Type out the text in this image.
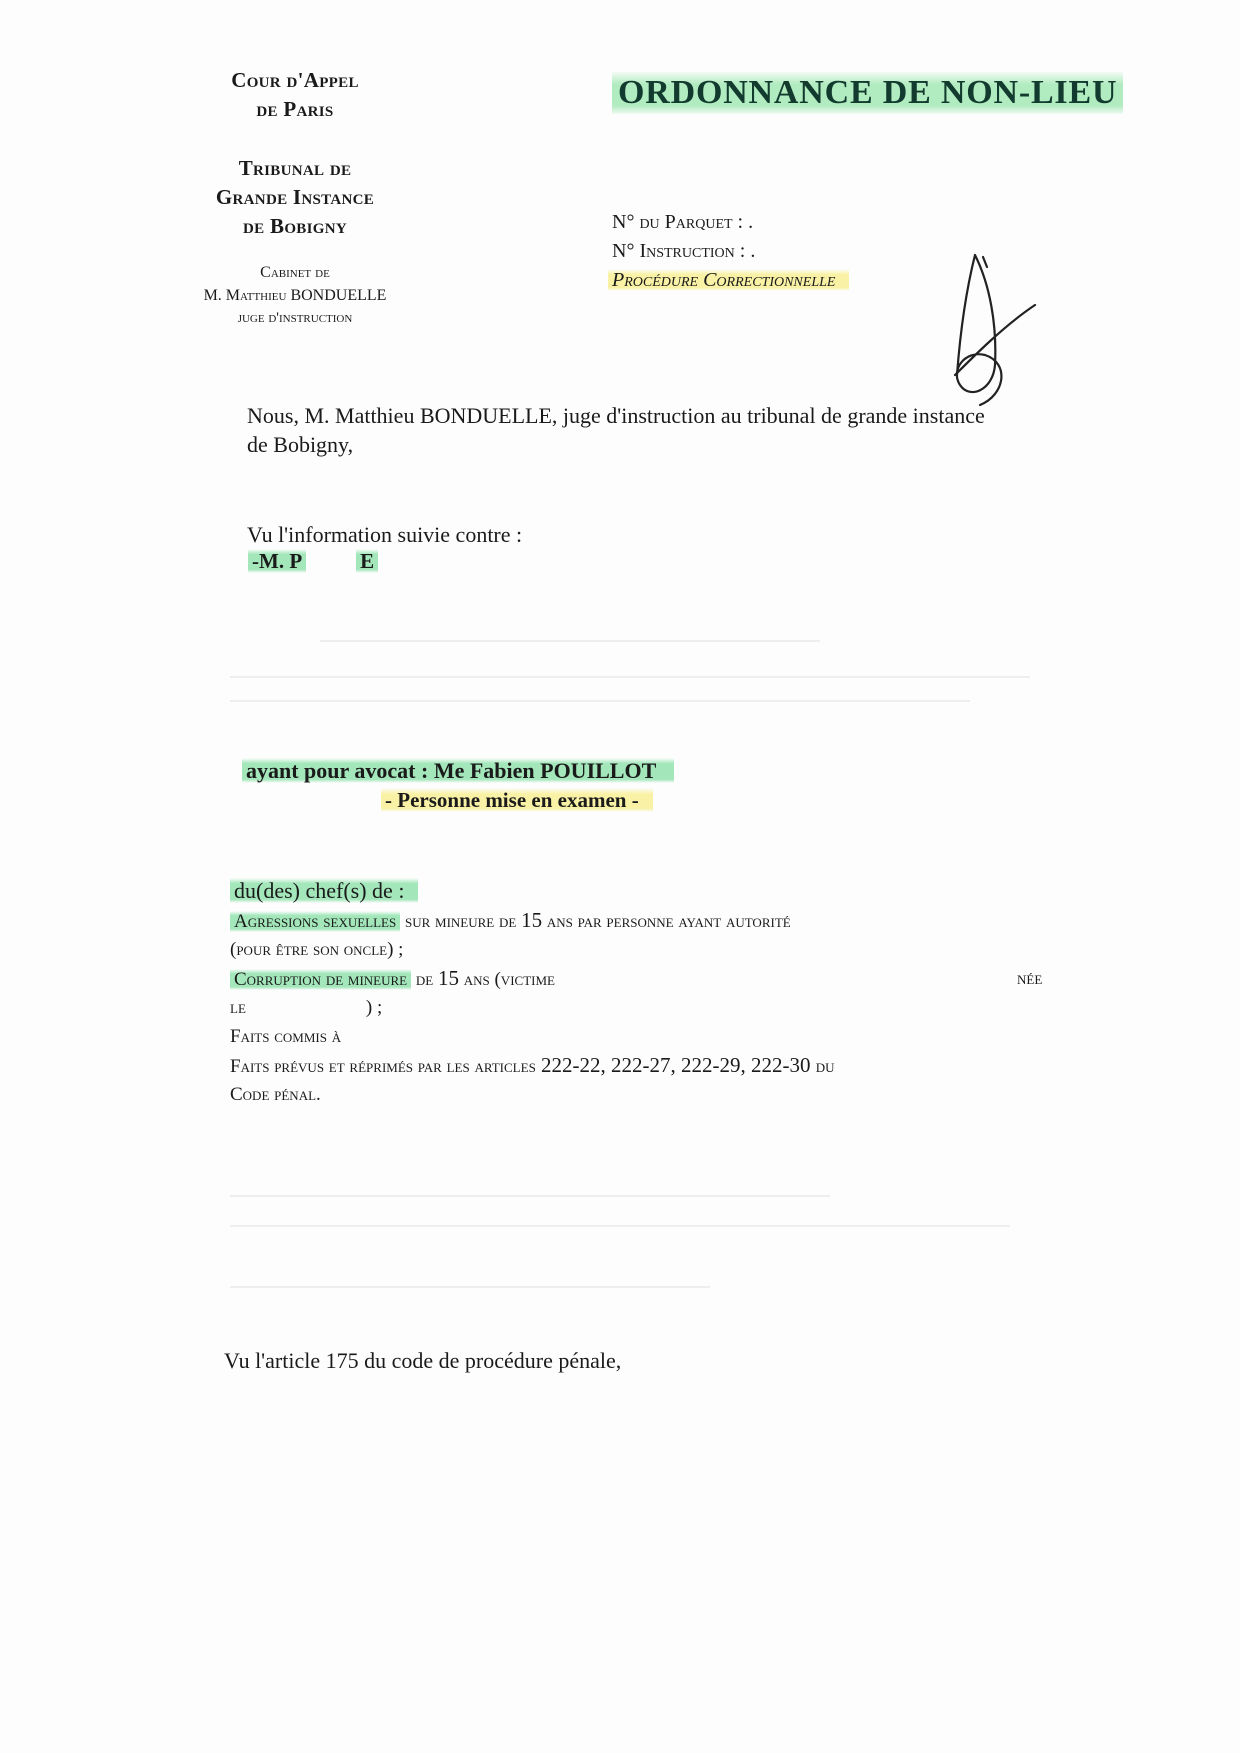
Cour d'Appel
de Paris
Tribunal de
Grande Instance
de Bobigny
Cabinet de
M. Matthieu BONDUELLE
juge d'instruction
ORDONNANCE DE NON-LIEU
N° du Parquet : .
N° Instruction : .
Procédure Correctionnelle
Nous, M. Matthieu BONDUELLE, juge d'instruction au tribunal de grande instance
de Bobigny,
Vu l'information suivie contre :
-M. P	E
ayant pour avocat : Me Fabien POUILLOT
- Personne mise en examen -
du(des) chef(s) de :
Agressions sexuelles sur mineure de 15 ans par personne ayant autorité
(pour être son oncle) ;
Corruption de mineure de 15 ans (victime	née
le	) ;
Faits commis à
Faits prévus et réprimés par les articles 222-22, 222-27, 222-29, 222-30 du
Code pénal.
Vu l'article 175 du code de procédure pénale,
